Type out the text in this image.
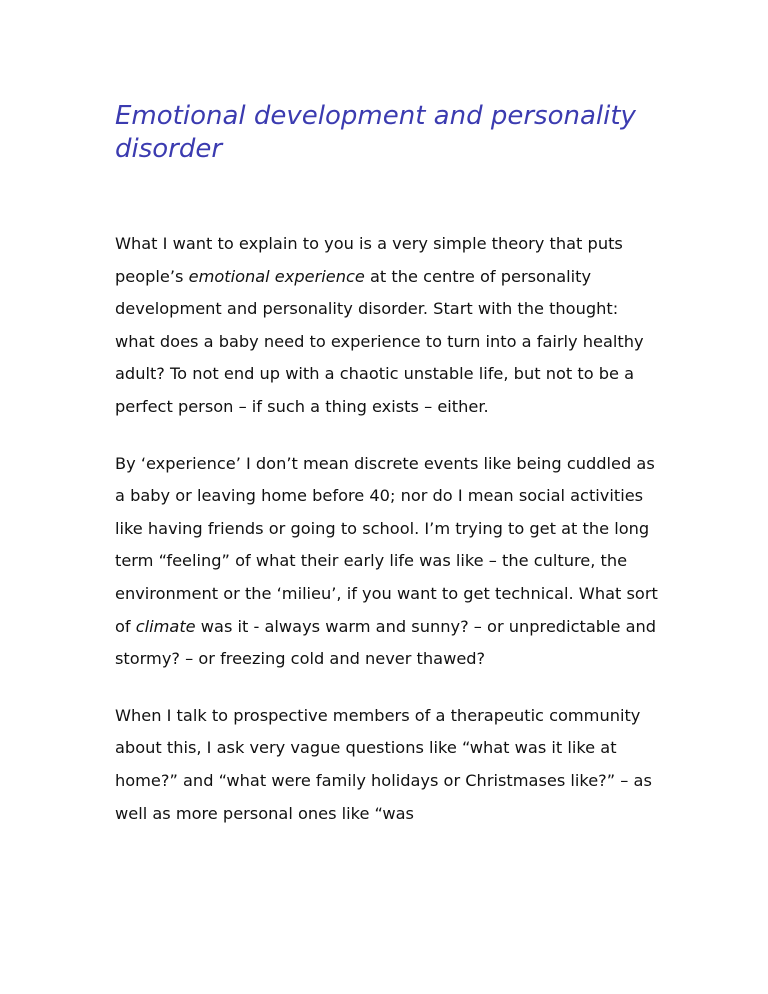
Emotional development and personality disorder

What I want to explain to you is a very simple theory that puts people’s emotional experience at the centre of personality development and personality disorder. Start with the thought: what does a baby need to experience to turn into a fairly healthy adult? To not end up with a chaotic unstable life, but not to be a perfect person – if such a thing exists – either.

By ‘experience’ I don’t mean discrete events like being cuddled as a baby or leaving home before 40; nor do I mean social activities like having friends or going to school. I’m trying to get at the long term “feeling” of what their early life was like – the culture, the environment or the ‘milieu’, if you want to get technical. What sort of climate was it - always warm and sunny? – or unpredictable and stormy? – or freezing cold and never thawed?

When I talk to prospective members of a therapeutic community about this, I ask very vague questions like “what was it like at home?” and “what were family holidays or Christmases like?” – as well as more personal ones like “was
